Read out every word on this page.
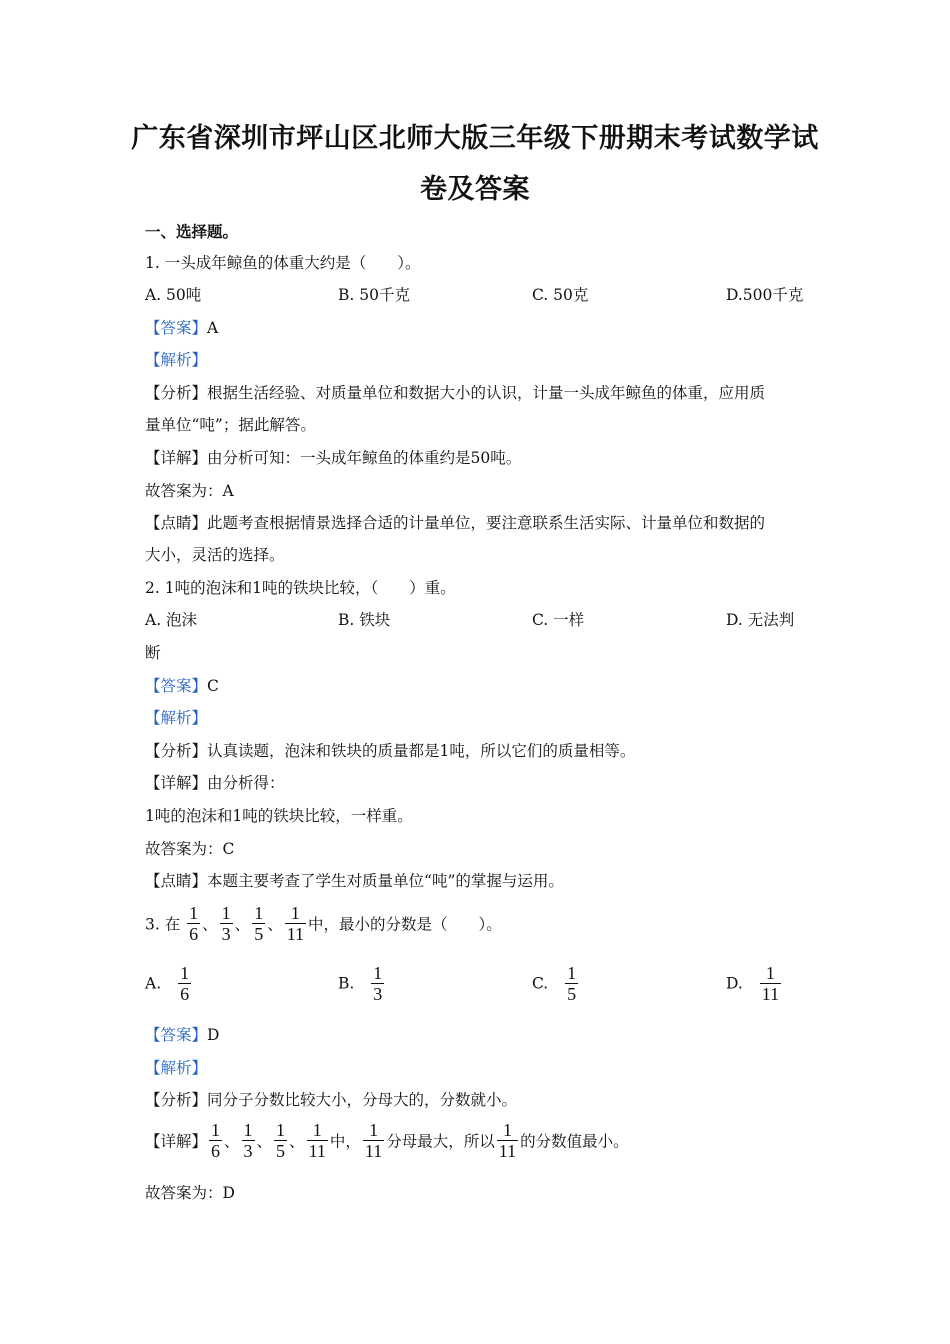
广东省深圳市坪山区北师大版三年级下册期末考试数学试
卷及答案
一、选择题。
1. 一头成年鲸鱼的体重大约是（　　）。
A. 50吨	B. 50千克	C. 50克	D.500千克
【答案】A
【解析】
【分析】根据生活经验、对质量单位和数据大小的认识，计量一头成年鲸鱼的体重，应用质
量单位“吨”；据此解答。
【详解】由分析可知：一头成年鲸鱼的体重约是50吨。
故答案为：A
【点睛】此题考查根据情景选择合适的计量单位，要注意联系生活实际、计量单位和数据的
大小，灵活的选择。
2. 1吨的泡沫和1吨的铁块比较，（　　）重。
A. 泡沫	B. 铁块	C. 一样	D. 无法判
断
【答案】C
【解析】
【分析】认真读题，泡沫和铁块的质量都是1吨，所以它们的质量相等。
【详解】由分析得：
1吨的泡沫和1吨的铁块比较，一样重。
故答案为：C
【点睛】本题主要考查了学生对质量单位“吨”的掌握与运用。
3. 在 $\frac{1}{6}$ 、 $\frac{1}{3}$ 、 $\frac{1}{5}$ 、 $\frac{1}{11}$ 中，最小的分数是（　　）。
A. $\frac{1}{6}$	B. $\frac{1}{3}$	C. $\frac{1}{5}$	D. $\frac{1}{11}$
【答案】D
【解析】
【分析】同分子分数比较大小，分母大的，分数就小。
【详解】 $\frac{1}{6}$ 、 $\frac{1}{3}$ 、 $\frac{1}{5}$ 、 $\frac{1}{11}$ 中， $\frac{1}{11}$ 分母最大，所以 $\frac{1}{11}$ 的分数值最小。
故答案为：D
